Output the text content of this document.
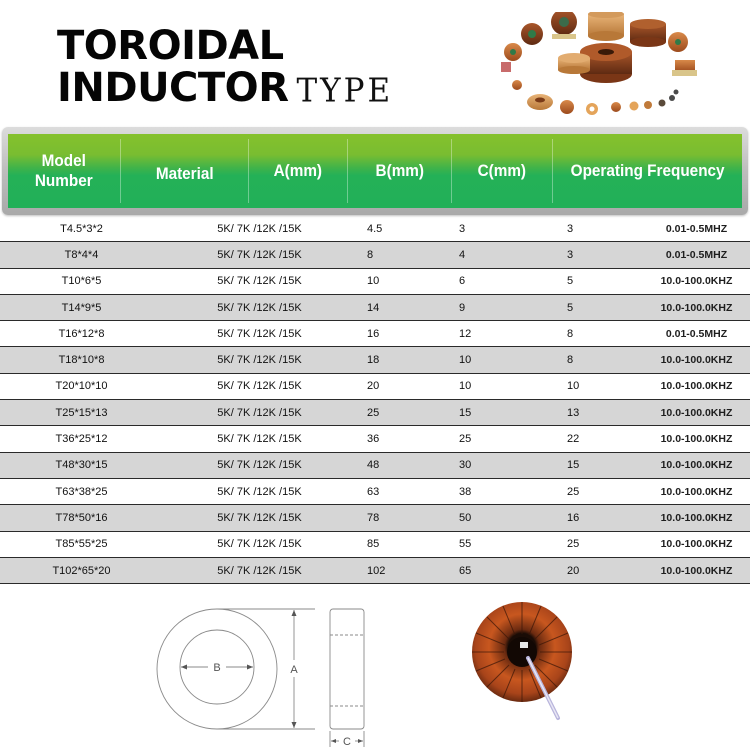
TOROIDAL
INDUCTOR TYPE
Model
Number	Material	A(mm)	B(mm)	C(mm)	Operating Frequency
T4.5*3*2	5K/ 7K /12K /15K	4.5	3	3	0.01-0.5MHZ
T8*4*4	5K/ 7K /12K /15K	8	4	3	0.01-0.5MHZ
T10*6*5	5K/ 7K /12K /15K	10	6	5	10.0-100.0KHZ
T14*9*5	5K/ 7K /12K /15K	14	9	5	10.0-100.0KHZ
T16*12*8	5K/ 7K /12K /15K	16	12	8	0.01-0.5MHZ
T18*10*8	5K/ 7K /12K /15K	18	10	8	10.0-100.0KHZ
T20*10*10	5K/ 7K /12K /15K	20	10	10	10.0-100.0KHZ
T25*15*13	5K/ 7K /12K /15K	25	15	13	10.0-100.0KHZ
T36*25*12	5K/ 7K /12K /15K	36	25	22	10.0-100.0KHZ
T48*30*15	5K/ 7K /12K /15K	48	30	15	10.0-100.0KHZ
T63*38*25	5K/ 7K /12K /15K	63	38	25	10.0-100.0KHZ
T78*50*16	5K/ 7K /12K /15K	78	50	16	10.0-100.0KHZ
T85*55*25	5K/ 7K /12K /15K	85	55	25	10.0-100.0KHZ
T102*65*20	5K/ 7K /12K /15K	102	65	20	10.0-100.0KHZ
B	A
C
